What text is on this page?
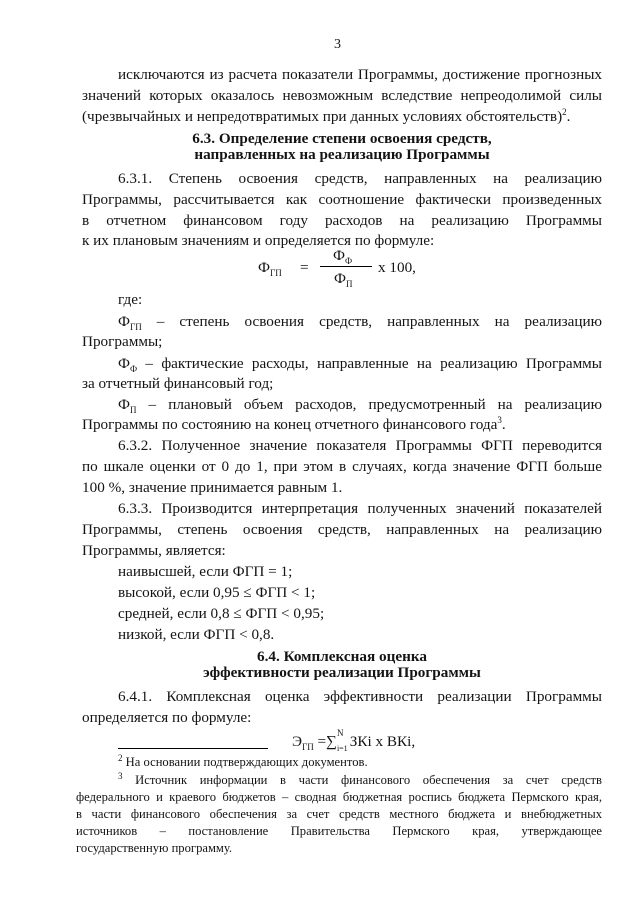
3
исключаются из расчета показатели Программы, достижение прогнозных
значений которых оказалось невозможным вследствие непреодолимой силы
(чрезвычайных и непредотвратимых при данных условиях обстоятельств)$^2$.
6.3. Определение степени освоения средств,
направленных на реализацию Программы
6.3.1. Степень освоения средств, направленных на реализацию
Программы, рассчитывается как соотношение фактически произведенных
в отчетном финансовом году расходов на реализацию Программы
к их плановым значениям и определяется по формуле:
$Ф_{ГП}$ =
$Ф_Ф$
$Ф_П$
х 100,
где:
$Ф_{ГП}$ – степень освоения средств, направленных на реализацию
Программы;
$Ф_Ф$ – фактические расходы, направленные на реализацию Программы
за отчетный финансовый год;
$Ф_П$ – плановый объем расходов, предусмотренный на реализацию
Программы по состоянию на конец отчетного финансового года$^3$.
6.3.2. Полученное значение показателя Программы ФГП переводится
по шкале оценки от 0 до 1, при этом в случаях, когда значение ФГП больше
100 %, значение принимается равным 1.
6.3.3. Производится интерпретация полученных значений показателей
Программы, степень освоения средств, направленных на реализацию
Программы, является:
наивысшей, если ФГП = 1;
высокой, если 0,95 ≤ ФГП < 1;
средней, если 0,8 ≤ ФГП < 0,95;
низкой, если ФГП < 0,8.
6.4. Комплексная оценка
эффективности реализации Программы
6.4.1. Комплексная оценка эффективности реализации Программы
определяется по формуле:
$Э_{ГП}$ =∑ N
i=1 ЗКi х ВКi,
$^2$ На основании подтверждающих документов.
$^3$ Источник информации в части финансового обеспечения за счет средств
федерального и краевого бюджетов – сводная бюджетная роспись бюджета Пермского края,
в части финансового обеспечения за счет средств местного бюджета и внебюджетных
источников – постановление Правительства Пермского края, утверждающее
государственную программу.
